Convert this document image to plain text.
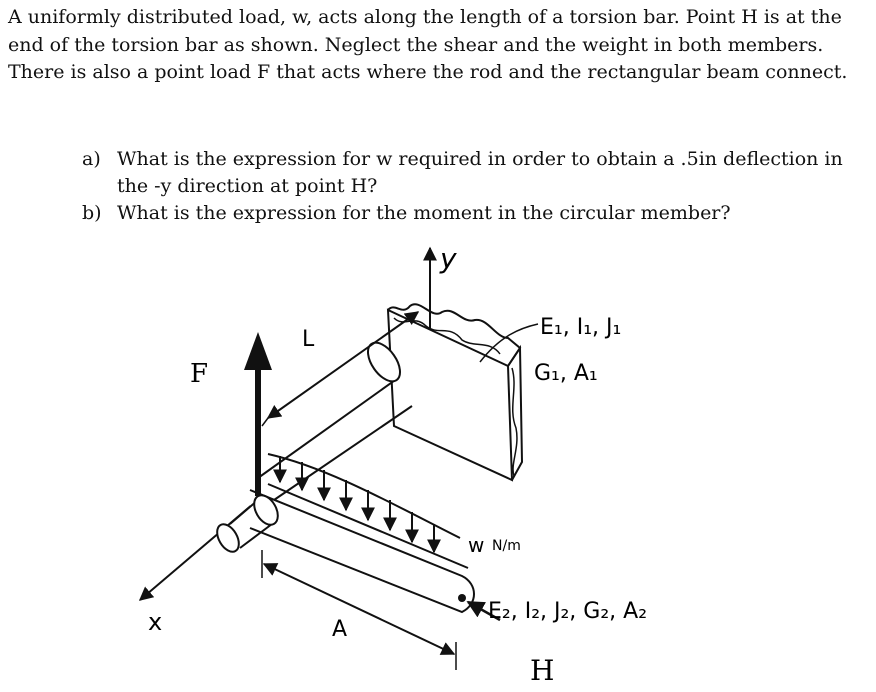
A uniformly distributed load, w, acts along the length of a torsion bar. Point H is at the end of the torsion bar as shown. Neglect the shear and the weight in both members. There is also a point load F that acts where the rod and the rectangular beam connect.

a) What is the expression for w required in order to obtain a .5in deflection in the -y direction at point H?
b) What is the expression for the moment in the circular member?
y
x
w N/m
F
L
A
H
E₁, I₁, J₁
G₁, A₁
E₂, I₂, J₂, G₂, A₂
